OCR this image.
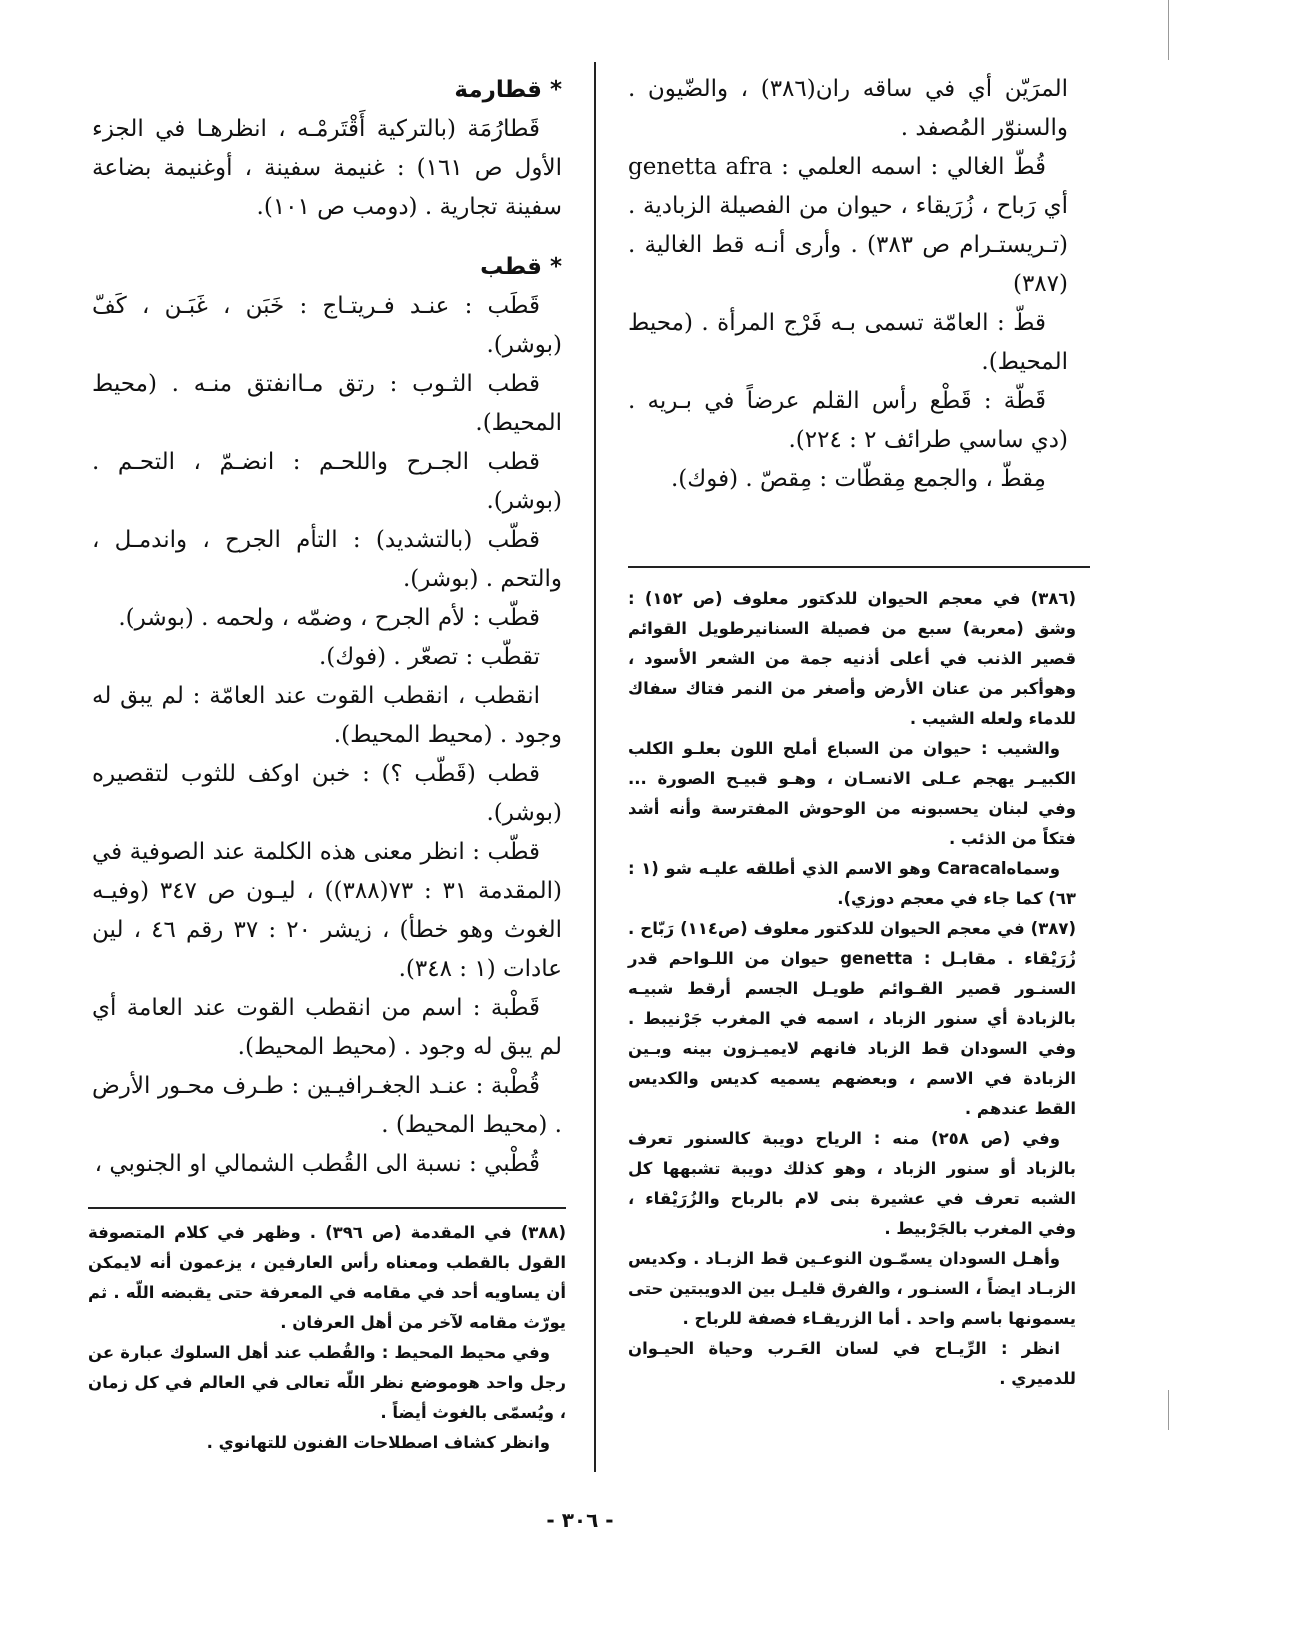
المرَيّن أي في ساقه ران(٣٨٦) ، والضّيون . والسنوّر المُصفد .

قُطّ الغالي : اسمه العلمي : genetta afra أي رَباح ، زُرَيقاء ، حيوان من الفصيلة الزبادية . (تـريستـرام ص ٣٨٣) . وأرى أنـه قط الغالية .(٣٨٧)

قطّ : العامّة تسمى بـه فَرْج المرأة . (محيط المحيط).

قَطّة : قَطْع رأس القلم عرضاً في بـريه . (دي ساسي طرائف ٢ : ٢٢٤).

مِقطّ ، والجمع مِقطّات : مِقصّ . (فوك).

(٣٨٦) في معجم الحيوان للدكتور معلوف (ص ١٥٢) : وشق (معربة) سبع من فصيلة السنانيرطويل القوائم قصير الذنب في أعلى أذنيه جمة من الشعر الأسود ، وهوأكبر من عنان الأرض وأصغر من النمر فتاك سفاك للدماء ولعله الشيب .

والشيب : حيوان من السباع أملح اللون بعلـو الكلب الكبيـر يهجم عـلى الانسـان ، وهـو قبيـح الصورة ... وفي لبنان يحسبونه من الوحوش المفترسة وأنه أشد فتكاً من الذئب .

وسماهCaracal وهو الاسم الذي أطلقه عليـه شو (١ : ٦٣) كما جاء في معجم دوزي).

(٣٨٧) في معجم الحيوان للدكتور معلوف (ص١١٤) رَبّاح . زُرَيْقاء . مقابـل : genetta حيوان من اللـواحم قدر السنـور قصير القـوائم طويـل الجسم أرقط شبيـه بالزبادة أي سنور الزباد ، اسمه في المغرب جَرْنيبط . وفي السودان قط الزباد فانهم لايميـزون بينه وبـين الزبادة في الاسم ، وبعضهم يسميه كديس والكديس القط عندهم .

وفي (ص ٢٥٨) منه : الرياح دويبة كالسنور تعرف بالزباد أو سنور الزباد ، وهو كذلك دويبة تشبهها كل الشبه تعرف في عشيرة بنى لام بالرباح والزُرَيْقاء ، وفي المغرب بالجَرْبيط .

وأهـل السودان يسمّـون النوعـين قط الزبـاد . وكديس الزبـاد ايضاً ، السنـور ، والفرق قليـل بين الدويبتين حتى يسمونها باسم واحد . أما الزريقـاء فصفة للرباح .

انظر : الرِّيـاح في لسان العَـرب وحياة الحيـوان للدميري .

* قطارمة

قَطارُمَة (بالتركية أَقْتَرمْـه ، انظرهـا في الجزء الأول ص ١٦١) : غنيمة سفينة ، أوغنيمة بضاعة سفينة تجارية . (دومب ص ١٠١).

* قطب

قَطَب : عنـد فـريتـاج : خَبَن ، غَبَـن ، كَفّ (بوشر).

قطب الثـوب : رتق مـاانفتق منـه . (محيط المحيط).

قطب الجـرح واللحـم : انضـمّ ، التحـم . (بوشر).

قطّب (بالتشديد) : التأم الجرح ، واندمـل ، والتحم . (بوشر).

قطّب : لأم الجرح ، وضمّه ، ولحمه . (بوشر).

تقطّب : تصعّر . (فوك).

انقطب ، انقطب القوت عند العامّة : لم يبق له وجود . (محيط المحيط).

قطب (قَطّب ؟) : خبن اوكف للثوب لتقصيره (بوشر).

قطّب : انظر معنى هذه الكلمة عند الصوفية في (المقدمة ٣١ : ٧٣(٣٨٨)) ، ليـون ص ٣٤٧ (وفيـه الغوث وهو خطأ) ، زيشر ٢٠ : ٣٧ رقم ٤٦ ، لين عادات (١ : ٣٤٨).

قَطْبة : اسم من انقطب القوت عند العامة أي لم يبق له وجود . (محيط المحيط).

قُطْبة : عنـد الجغـرافيـين : طـرف محـور الأرض . (محيط المحيط) .

قُطْبي : نسبة الى القُطب الشمالي او الجنوبي ،

(٣٨٨) في المقدمة (ص ٣٩٦) . وظهر في كلام المتصوفة القول بالقطب ومعناه رأس العارفين ، يزعمون أنه لايمكن أن يساويه أحد في مقامه في المعرفة حتى يقبضه اللّه . ثم يورّث مقامه لآخر من أهل العرفان .

وفي محيط المحيط : والقُطب عند أهل السلوك عبارة عن رجل واحد هوموضع نظر اللّه تعالى في العالم في كل زمان ، ويُسمّى بالغوث أيضاً .

وانظر كشاف اصطلاحات الفنون للتهانوي .

- ٣٠٦ -
